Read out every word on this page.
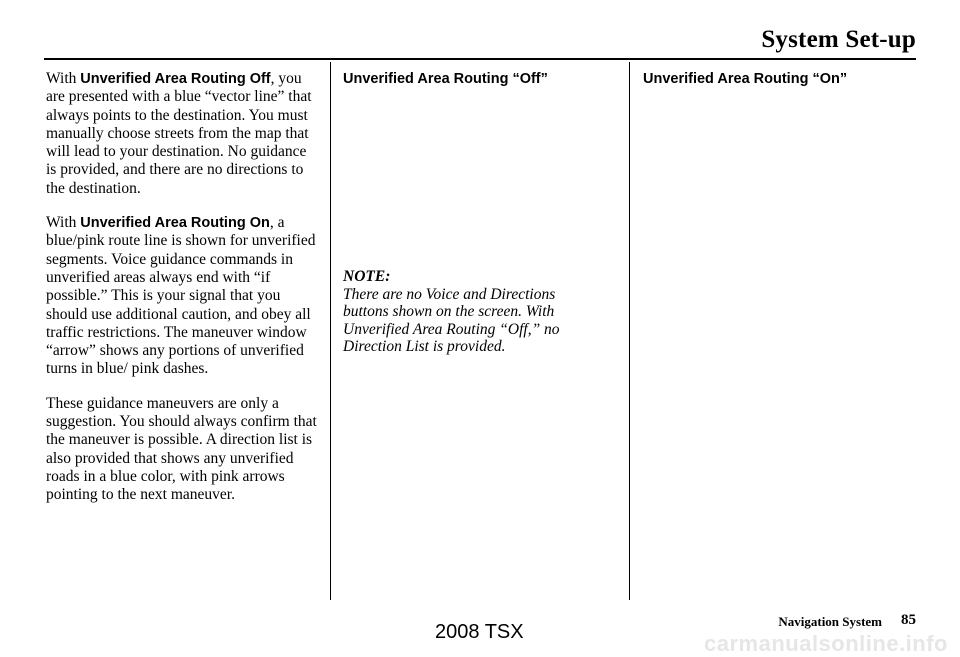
System Set-up

With Unverified Area Routing Off, you are presented with a blue “vector line” that always points to the destination. You must manually choose streets from the map that will lead to your destination. No guidance is provided, and there are no directions to the destination.

With Unverified Area Routing On, a blue/pink route line is shown for unverified segments. Voice guidance commands in unverified areas always end with “if possible.” This is your signal that you should use additional caution, and obey all traffic restrictions. The maneuver window “arrow” shows any portions of unverified turns in blue/ pink dashes.

These guidance maneuvers are only a suggestion. You should always confirm that the maneuver is possible. A direction list is also provided that shows any unverified roads in a blue color, with pink arrows pointing to the next maneuver.

Unverified Area Routing “Off”

NOTE:
There are no Voice and Directions buttons shown on the screen. With Unverified Area Routing “Off,” no Direction List is provided.

Unverified Area Routing “On”

Navigation System 85
2008 TSX	carmanualsonline.info
